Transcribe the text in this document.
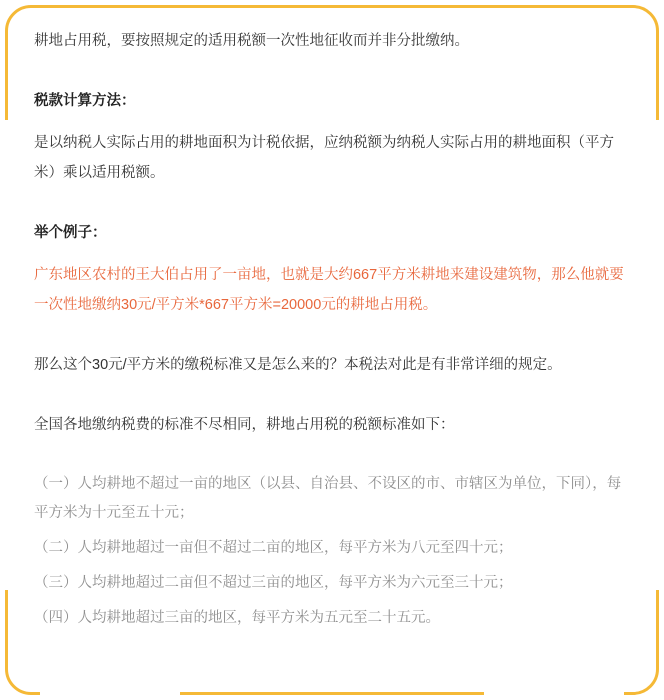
耕地占用税，要按照规定的适用税额一次性地征收而并非分批缴纳。

税款计算方法：

是以纳税人实际占用的耕地面积为计税依据，应纳税额为纳税人实际占用的耕地面积（平方米）乘以适用税额。

举个例子：

广东地区农村的王大伯占用了一亩地，也就是大约667平方米耕地来建设建筑物，那么他就要一次性地缴纳30元/平方米*667平方米=20000元的耕地占用税。

那么这个30元/平方米的缴税标准又是怎么来的？本税法对此是有非常详细的规定。

全国各地缴纳税费的标准不尽相同，耕地占用税的税额标准如下：

（一）人均耕地不超过一亩的地区（以县、自治县、不设区的市、市辖区为单位，下同），每平方米为十元至五十元；

（二）人均耕地超过一亩但不超过二亩的地区，每平方米为八元至四十元；

（三）人均耕地超过二亩但不超过三亩的地区，每平方米为六元至三十元；

（四）人均耕地超过三亩的地区，每平方米为五元至二十五元。
